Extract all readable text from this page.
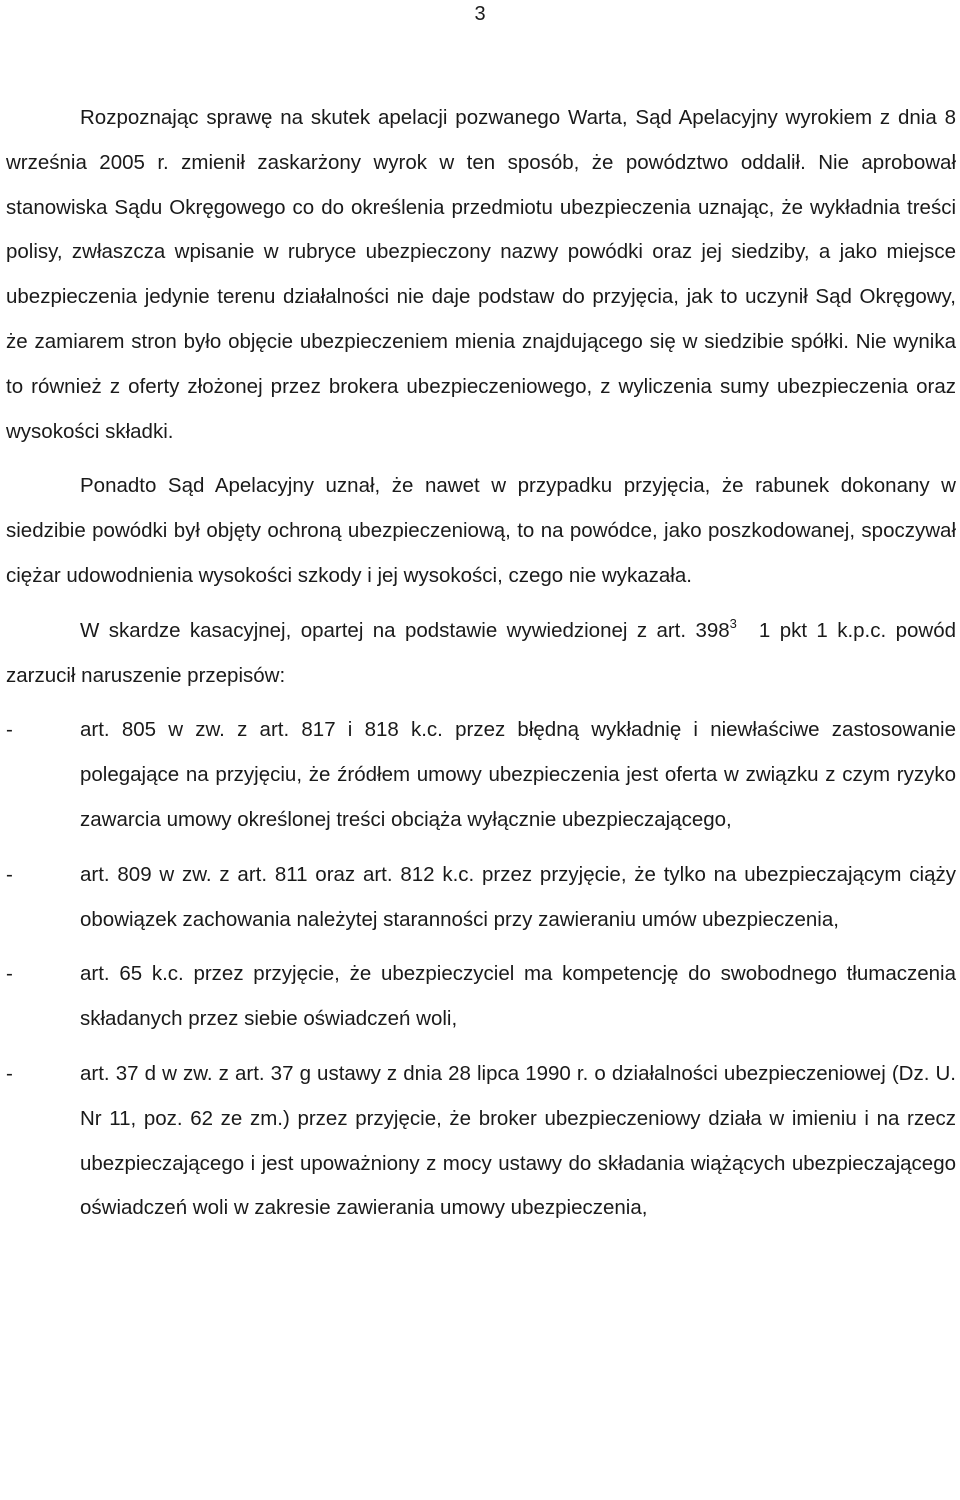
3

Rozpoznając sprawę na skutek apelacji pozwanego Warta, Sąd Apelacyjny wyrokiem z dnia 8 września 2005 r. zmienił zaskarżony wyrok w ten sposób, że powództwo oddalił. Nie aprobował stanowiska Sądu Okręgowego co do określenia przedmiotu ubezpieczenia uznając, że wykładnia treści polisy, zwłaszcza wpisanie w rubryce ubezpieczony nazwy powódki oraz jej siedziby, a jako miejsce ubezpieczenia jedynie terenu działalności nie daje podstaw do przyjęcia, jak to uczynił Sąd Okręgowy, że zamiarem stron było objęcie ubezpieczeniem mienia znajdującego się w siedzibie spółki. Nie wynika to również z oferty złożonej przez brokera ubezpieczeniowego, z wyliczenia sumy ubezpieczenia oraz wysokości składki.

Ponadto Sąd Apelacyjny uznał, że nawet w przypadku przyjęcia, że rabunek dokonany w siedzibie powódki był objęty ochroną ubezpieczeniową, to na powódce, jako poszkodowanej, spoczywał ciężar udowodnienia wysokości szkody i jej wysokości, czego nie wykazała.

W skardze kasacyjnej, opartej na podstawie wywiedzionej z art. $398^3$ 1 pkt 1 k.p.c. powód zarzucił naruszenie przepisów:

-	art. 805 w zw. z art. 817 i 818 k.c. przez błędną wykładnię i niewłaściwe zastosowanie polegające na przyjęciu, że źródłem umowy ubezpieczenia jest oferta w związku z czym ryzyko zawarcia umowy określonej treści obciąża wyłącznie ubezpieczającego,
-	art. 809 w zw. z art. 811 oraz art. 812 k.c. przez przyjęcie, że tylko na ubezpieczającym ciąży obowiązek zachowania należytej staranności przy zawieraniu umów ubezpieczenia,
-	art. 65 k.c. przez przyjęcie, że ubezpieczyciel ma kompetencję do swobodnego tłumaczenia składanych przez siebie oświadczeń woli,
-	art. 37 d w zw. z art. 37 g ustawy z dnia 28 lipca 1990 r. o działalności ubezpieczeniowej (Dz. U. Nr 11, poz. 62 ze zm.) przez przyjęcie, że broker ubezpieczeniowy działa w imieniu i na rzecz ubezpieczającego i jest upoważniony z mocy ustawy do składania wiążących ubezpieczającego oświadczeń woli w zakresie zawierania umowy ubezpieczenia,
